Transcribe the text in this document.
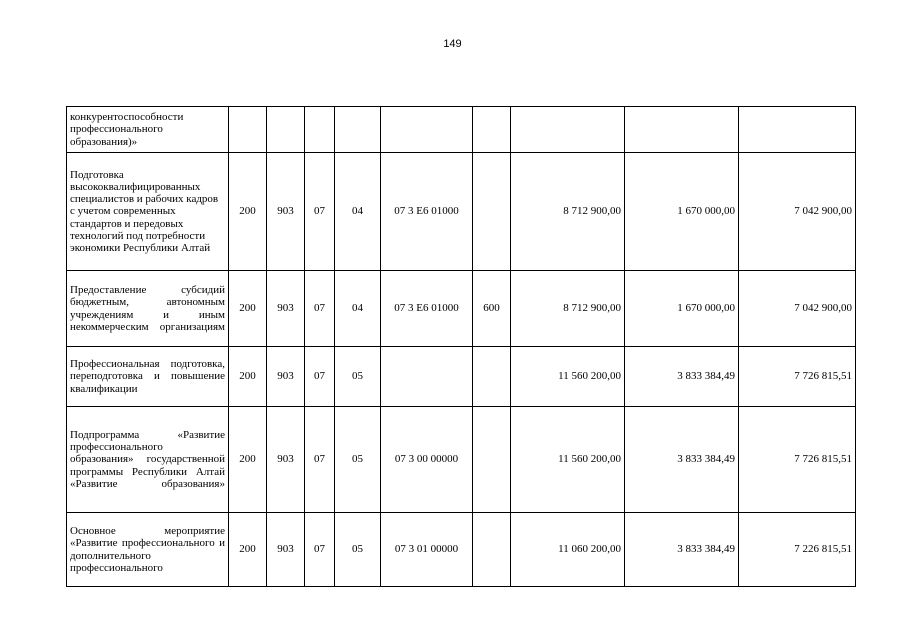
149
конкурентоспособности профессионального образования)»									
Подготовка высококвалифицированных специалистов и рабочих кадров с учетом современных стандартов и передовых технологий под потребности экономики Республики Алтай	200	903	07	04	07 3 Е6 01000		8 712 900,00	1 670 000,00	7 042 900,00
Предоставление субсидий бюджетным, автономным учреждениям и иным некоммерческим организациям	200	903	07	04	07 3 Е6 01000	600	8 712 900,00	1 670 000,00	7 042 900,00
Профессиональная подготовка, переподготовка и повышение квалификации	200	903	07	05			11 560 200,00	3 833 384,49	7 726 815,51
Подпрограмма «Развитие профессионального образования» государственной программы Республики Алтай «Развитие образования»	200	903	07	05	07 3 00 00000		11 560 200,00	3 833 384,49	7 726 815,51
Основное мероприятие «Развитие профессионального и дополнительного профессионального	200	903	07	05	07 3 01 00000		11 060 200,00	3 833 384,49	7 226 815,51
